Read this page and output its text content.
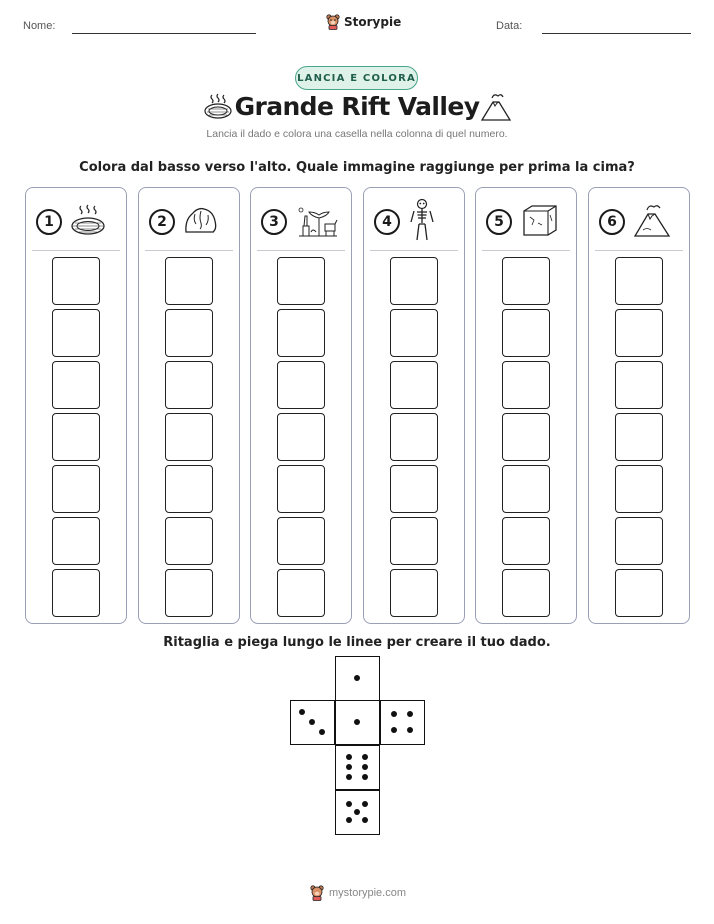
Nome:	Storypie	Data:
LANCIA E COLORA
Grande Rift Valley
Lancia il dado e colora una casella nella colonna di quel numero.
Colora dal basso verso l'alto. Quale immagine raggiunge per prima la cima?
1	2	3	4	5	6
Ritaglia e piega lungo le linee per creare il tuo dado.
mystorypie.com
